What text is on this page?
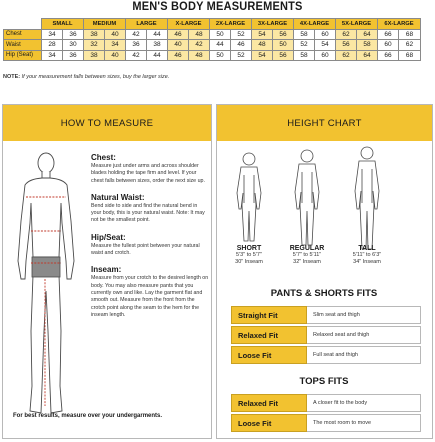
MEN'S BODY MEASUREMENTS
	SMALL		MEDIUM		LARGE		X-LARGE		2X-LARGE		3X-LARGE		4X-LARGE		5X-LARGE		6X-LARGE	
Chest	34	36	38	40	42	44	46	48	50	52	54	56	58	60	62	64	66	68
Waist	28	30	32	34	36	38	40	42	44	46	48	50	52	54	56	58	60	62
Hip (Seat)	34	36	38	40	42	44	46	48	50	52	54	56	58	60	62	64	66	68
NOTE: If your measurement falls between sizes, buy the larger size.
HOW TO MEASURE
Chest:
Measure just under arms and across shoulder blades holding the tape firm and level. If your chest falls between sizes, order the next size up.
Natural Waist:
Bend side to side and find the natural bend in your body, this is your natural waist. Note: It may not be the smallest point.
Hip/Seat:
Measure the fullest point between your natural waist and crotch.
Inseam:
Measure from your crotch to the desired length on body. You may also measure pants that you currently own and like. Lay the garment flat and smooth out. Measure from the front from the crotch point along the seam to the hem for the inseam length.
For best results, measure over your undergarments.
HEIGHT CHART
SHORT
5'3" to 5'7"
30" Inseam
REGULAR
5'7" to 5'11"
32" Inseam
TALL
5'11" to 6'3"
34" Inseam
PANTS & SHORTS FITS
Straight Fit	Slim seat and thigh
Relaxed Fit	Relaxed seat and thigh
Loose Fit	Full seat and thigh
TOPS FITS
Relaxed Fit	A closer fit to the body
Loose Fit	The most room to move
